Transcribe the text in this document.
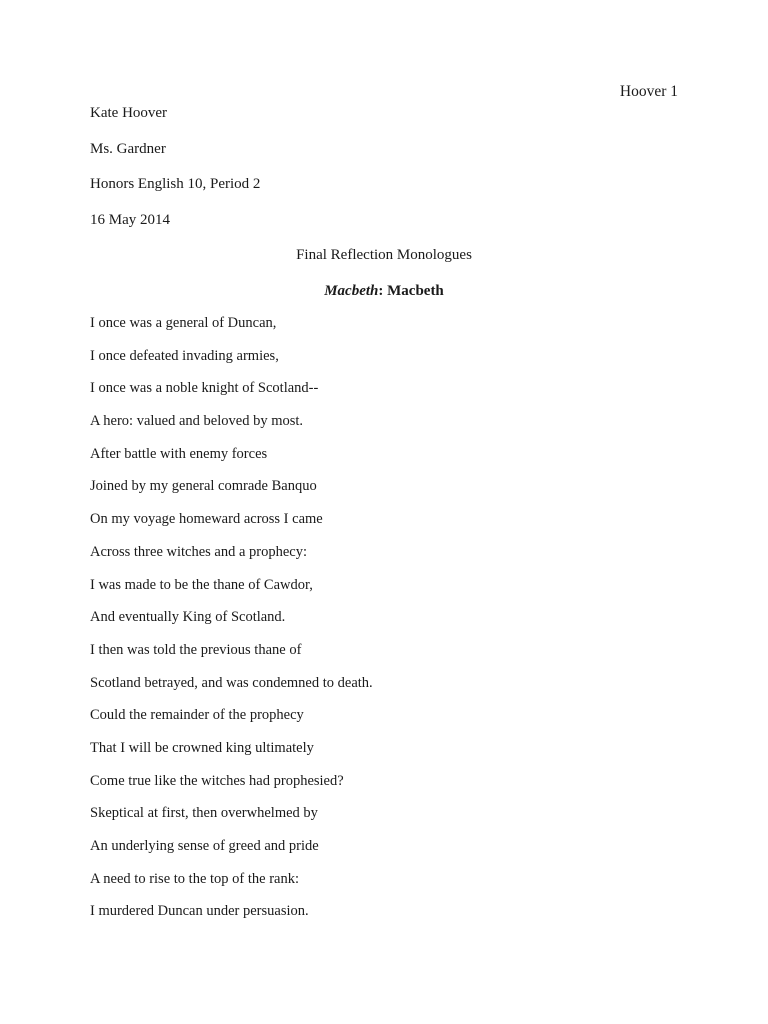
Hoover 1
Kate Hoover
Ms. Gardner
Honors English 10, Period 2
16 May 2014
Final Reflection Monologues
Macbeth: Macbeth
I once was a general of Duncan,
I once defeated invading armies,
I once was a noble knight of Scotland--
A hero: valued and beloved by most.
After battle with enemy forces
Joined by my general comrade Banquo
On my voyage homeward across I came
Across three witches and a prophecy:
I was made to be the thane of Cawdor,
And eventually King of Scotland.
I then was told the previous thane of
Scotland betrayed, and was condemned to death.
Could the remainder of the prophecy
That I will be crowned king ultimately
Come true like the witches had prophesied?
Skeptical at first, then overwhelmed by
An underlying sense of greed and pride
A need to rise to the top of the rank:
I murdered Duncan under persuasion.
